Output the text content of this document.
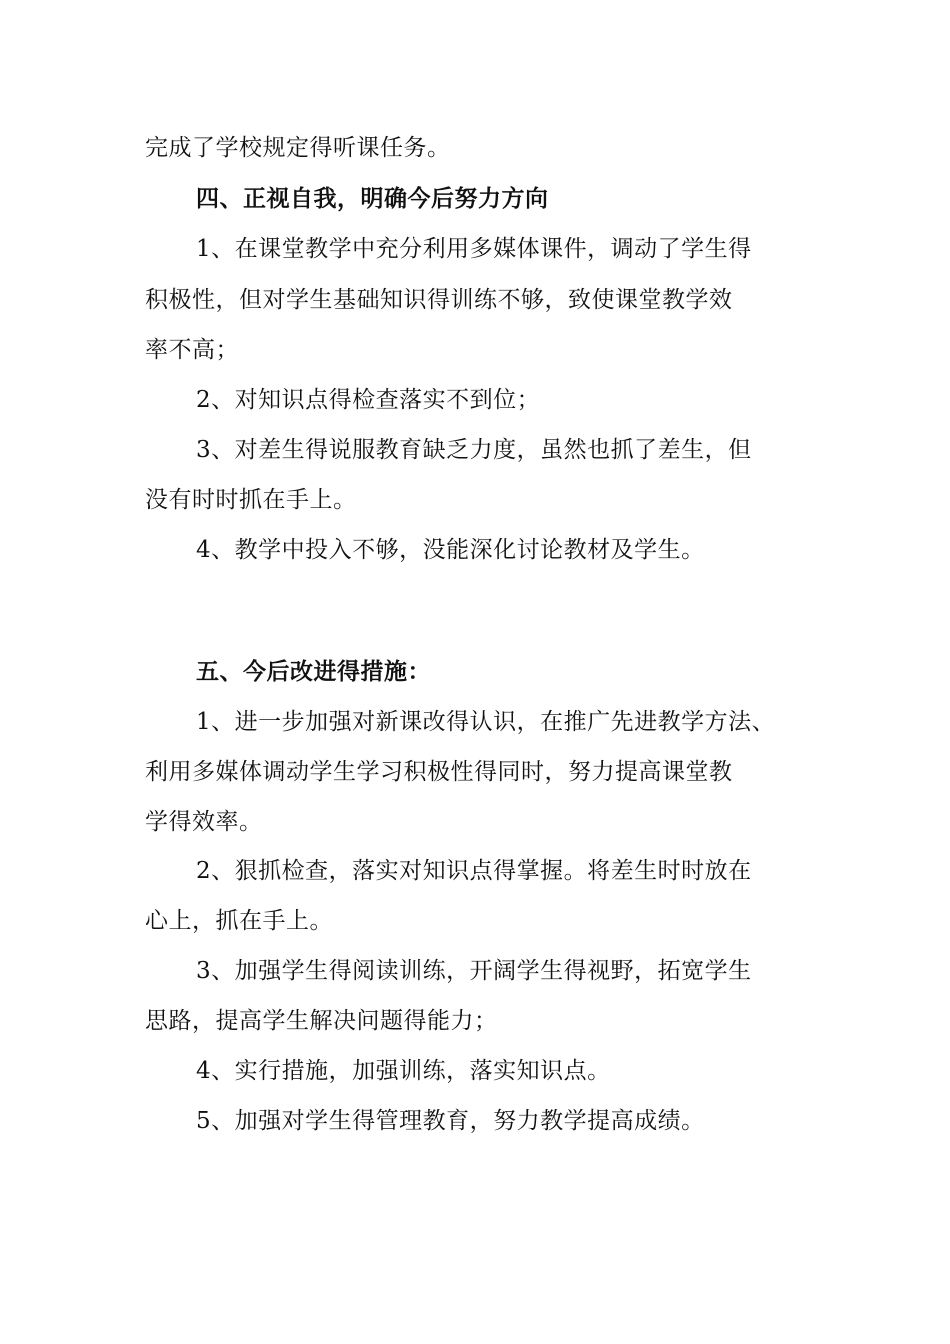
完成了学校规定得听课任务。
四、正视自我，明确今后努力方向
1、在课堂教学中充分利用多媒体课件，调动了学生得
积极性，但对学生基础知识得训练不够，致使课堂教学效
率不高；
2、对知识点得检查落实不到位；
3、对差生得说服教育缺乏力度，虽然也抓了差生，但
没有时时抓在手上。
4、教学中投入不够，没能深化讨论教材及学生。
五、今后改进得措施：
1、进一步加强对新课改得认识，在推广先进教学方法、
利用多媒体调动学生学习积极性得同时，努力提高课堂教
学得效率。
2、狠抓检查，落实对知识点得掌握。将差生时时放在
心上，抓在手上。
3、加强学生得阅读训练，开阔学生得视野，拓宽学生
思路，提高学生解决问题得能力；
4、实行措施，加强训练，落实知识点。
5、加强对学生得管理教育，努力教学提高成绩。
